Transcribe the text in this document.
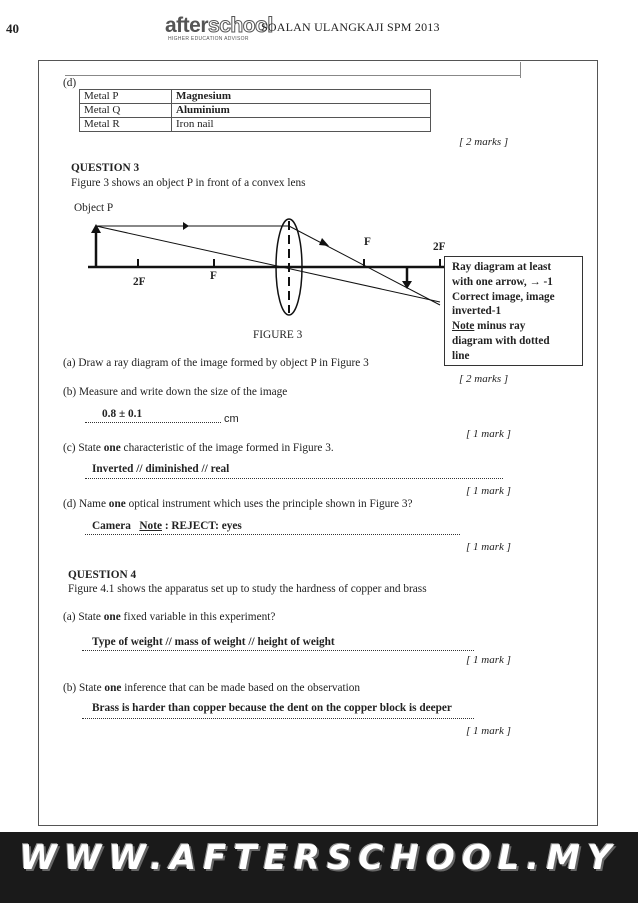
40	afterschool
HIGHER EDUCATION ADVISOR
SOALAN ULANGKAJI SPM 2013
(d)
Metal P	Magnesium
Metal Q	Aluminium
Metal R	Iron nail
[ 2 marks ]
QUESTION 3
Figure 3 shows an object P in front of a convex lens
Object P
2F	F
F	2F
Ray diagram at least
with one arrow, → -1
Correct image, image
inverted-1
Note minus ray
diagram with dotted
line
FIGURE 3
(a) Draw a ray diagram of the image formed by object P in Figure 3
[ 2 marks ]
(b) Measure and write down the size of the image
0.8 ± 0.1	cm
[ 1 mark ]
(c) State one characteristic of the image formed in Figure 3.
Inverted // diminished // real
[ 1 mark ]
(d) Name one optical instrument which uses the principle shown in Figure 3?
Camera Note : REJECT: eyes
[ 1 mark ]
QUESTION 4
Figure 4.1 shows the apparatus set up to study the hardness of copper and brass
(a) State one fixed variable in this experiment?
Type of weight // mass of weight // height of weight
[ 1 mark ]
(b) State one inference that can be made based on the observation
Brass is harder than copper because the dent on the copper block is deeper
[ 1 mark ]
WWW.AFTERSCHOOL.MY
